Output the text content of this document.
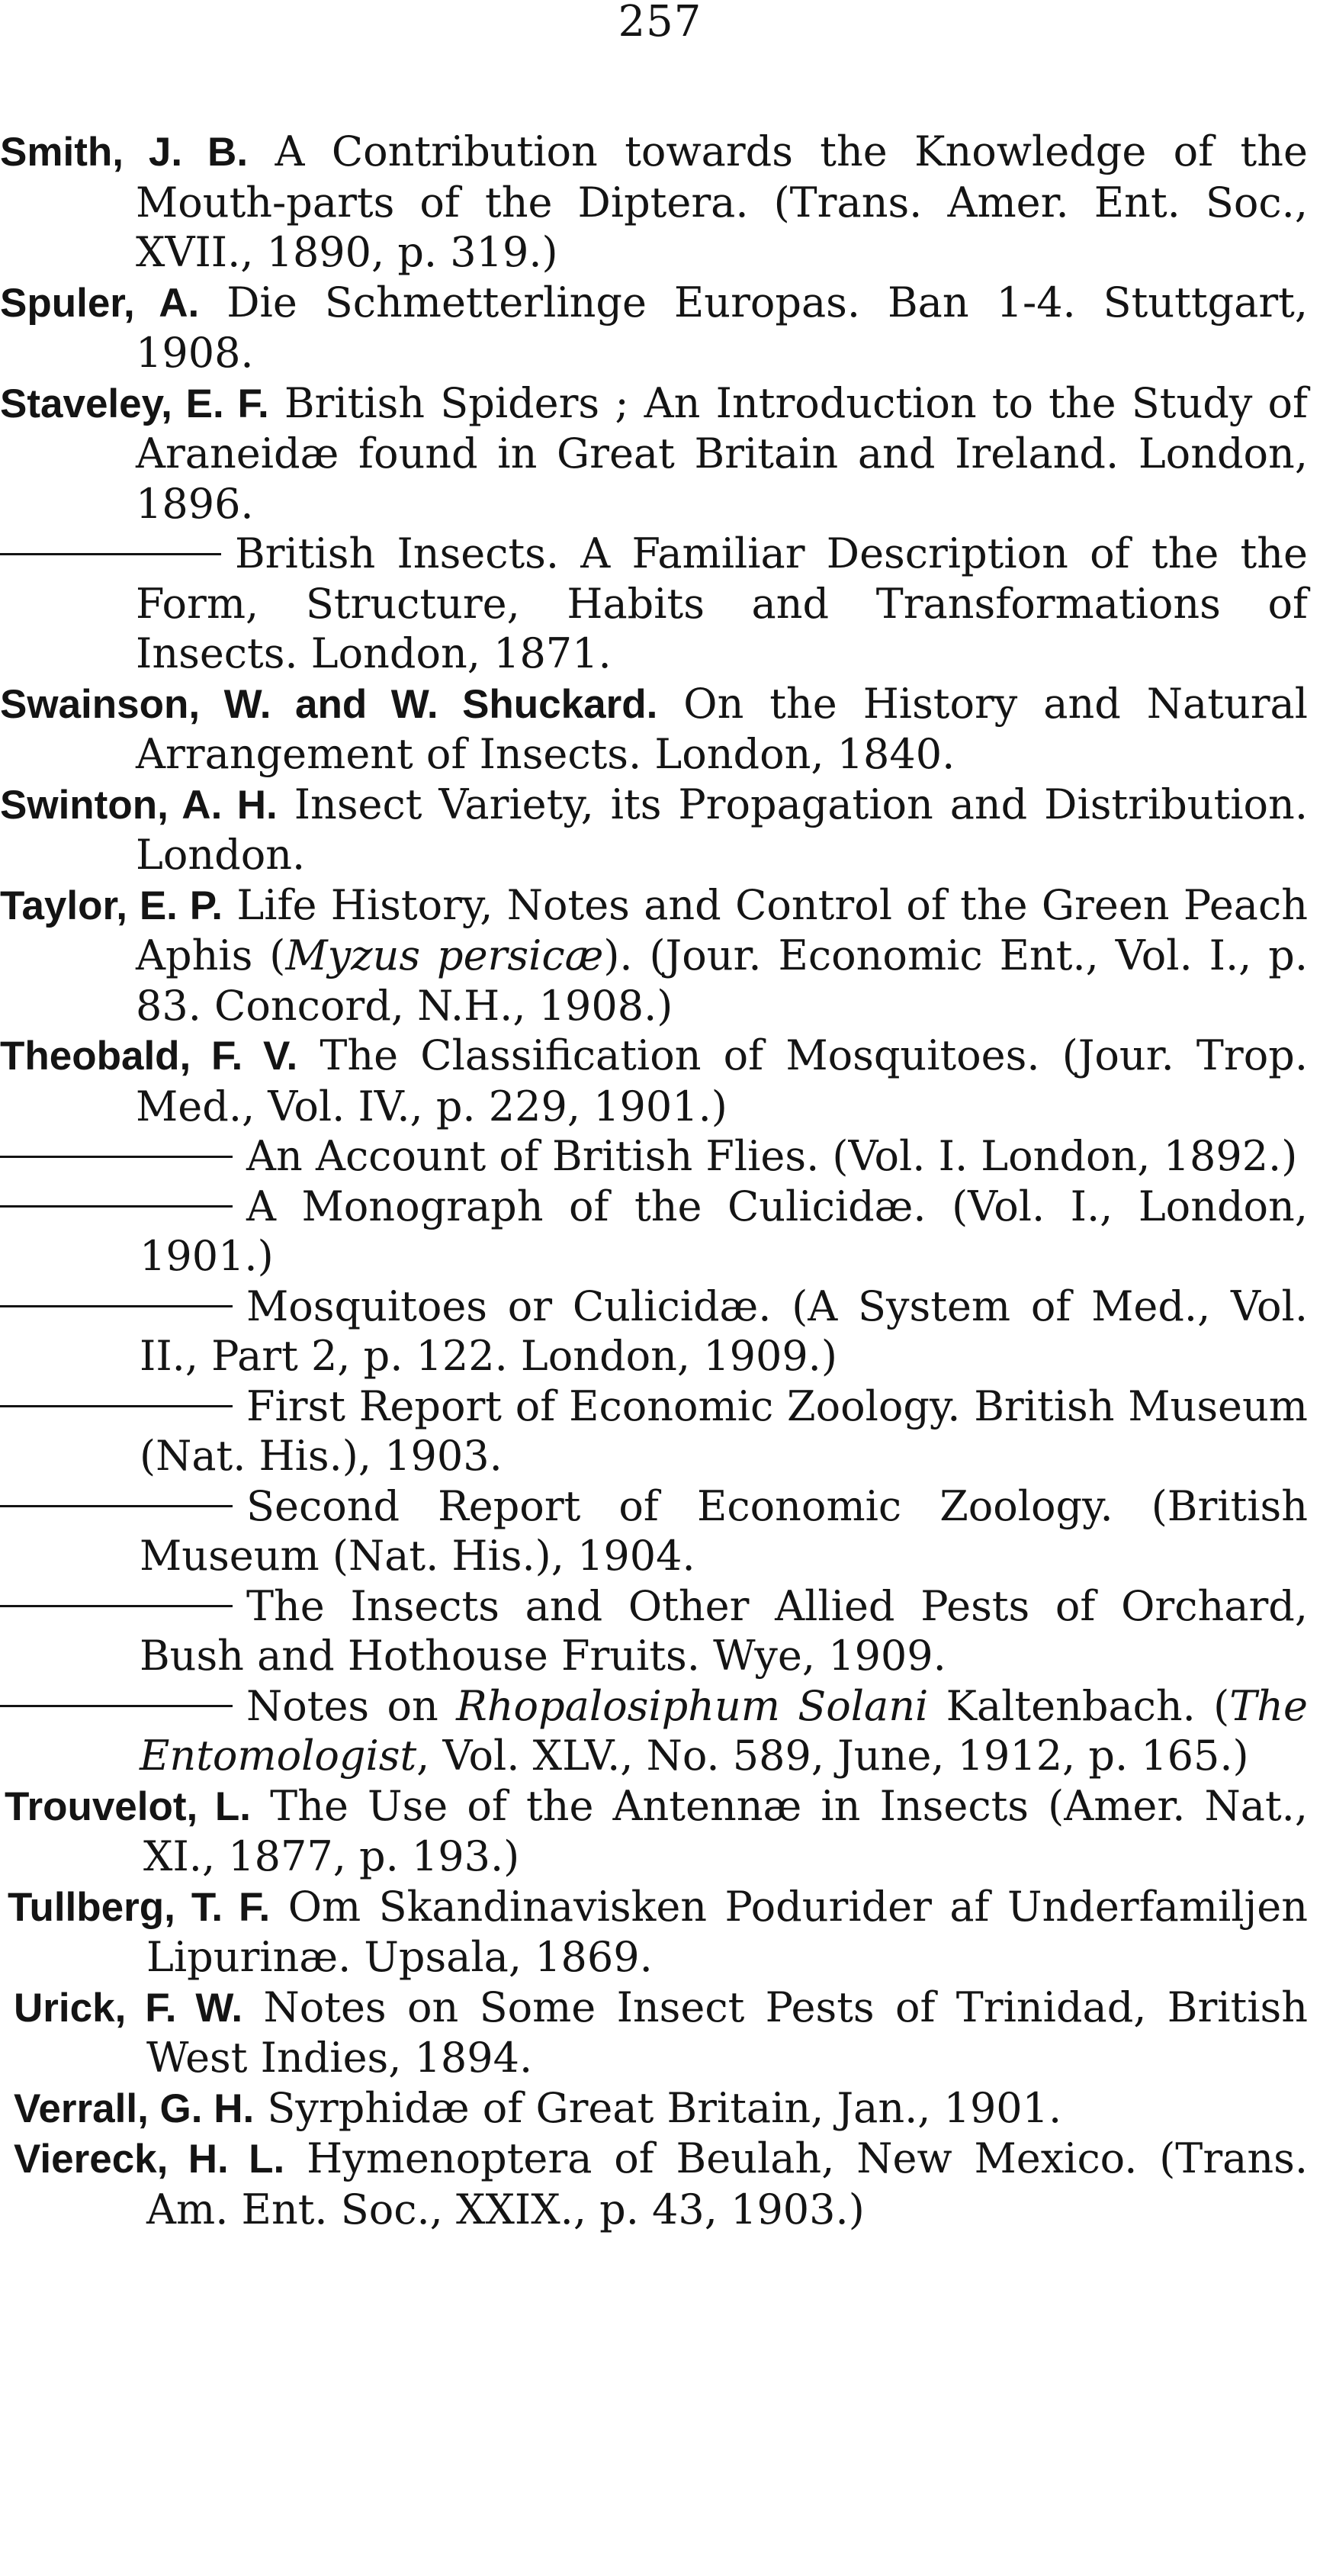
257

Smith, J. B. A Contribution towards the Knowledge of the Mouth-parts of the Diptera. (Trans. Amer. Ent. Soc., XVII., 1890, p. 319.)

Spuler, A. Die Schmetterlinge Europas. Ban 1-4. Stuttgart, 1908.

Staveley, E. F. British Spiders ; An Introduction to the Study of Araneidæ found in Great Britain and Ireland. London, 1896.

British Insects. A Familiar Description of the the Form, Structure, Habits and Transformations of Insects. London, 1871.

Swainson, W. and W. Shuckard. On the History and Natural Arrangement of Insects. London, 1840.

Swinton, A. H. Insect Variety, its Propagation and Distribution. London.

Taylor, E. P. Life History, Notes and Control of the Green Peach Aphis (Myzus persicæ). (Jour. Economic Ent., Vol. I., p. 83. Concord, N.H., 1908.)

Theobald, F. V. The Classification of Mosquitoes. (Jour. Trop. Med., Vol. IV., p. 229, 1901.)

An Account of British Flies. (Vol. I. London, 1892.)

A Monograph of the Culicidæ. (Vol. I., London, 1901.)

Mosquitoes or Culicidæ. (A System of Med., Vol. II., Part 2, p. 122. London, 1909.)

First Report of Economic Zoology. British Museum (Nat. His.), 1903.

Second Report of Economic Zoology. (British Museum (Nat. His.), 1904.

The Insects and Other Allied Pests of Orchard, Bush and Hothouse Fruits. Wye, 1909.

Notes on Rhopalosiphum Solani Kaltenbach. (The Entomologist, Vol. XLV., No. 589, June, 1912, p. 165.)

Trouvelot, L. The Use of the Antennæ in Insects (Amer. Nat., XI., 1877, p. 193.)

Tullberg, T. F. Om Skandinavisken Podurider af Underfamiljen Lipurinæ. Upsala, 1869.

Urick, F. W. Notes on Some Insect Pests of Trinidad, British West Indies, 1894.

Verrall, G. H. Syrphidæ of Great Britain, Jan., 1901.

Viereck, H. L. Hymenoptera of Beulah, New Mexico. (Trans. Am. Ent. Soc., XXIX., p. 43, 1903.)
